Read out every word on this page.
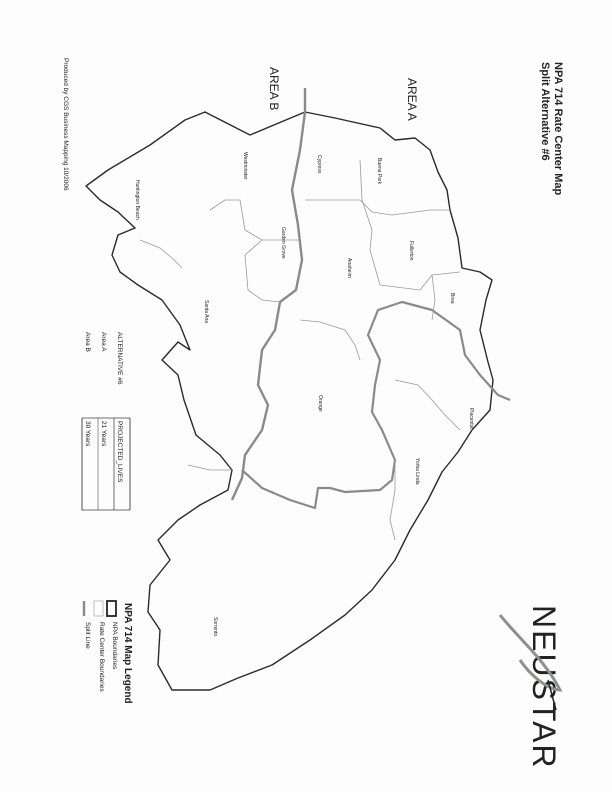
AREA A
AREA B
Cypress	Buena Park
Fullerton
Brea
Placentia
Anaheim
Westminster
Garden Grove
Huntington Beach
Santa Ana
Orange
Yorba Linda
Sorrento
NPA 714 Rate Center Map
Split Alternative #6
ALTERNATIVE #6
PROJECTED_LIVES
Area A
21 Years
Area B
30 Years
NPA 714 Map Legend
NPA Boundaries
Rate Center Boundaries
Split Line
Produced by CGS Business Mapping 10/2006
NEUSTAR
